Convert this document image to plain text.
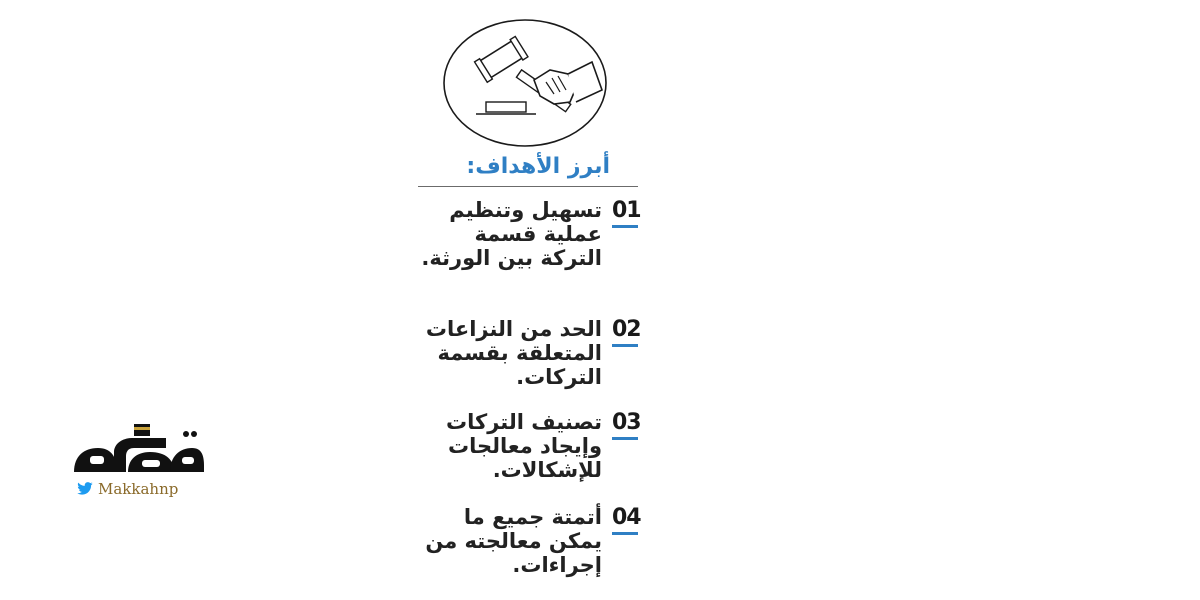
أبرز الأهداف:
01
تسهيل وتنظيم عملية قسمة التركة بين الورثة.
02
الحد من النزاعات المتعلقة بقسمة التركات.
03
تصنيف التركات وإيجاد معالجات للإشكالات.
04
أتمتة جميع ما يمكن معالجته من إجراءات.
Makkahnp
